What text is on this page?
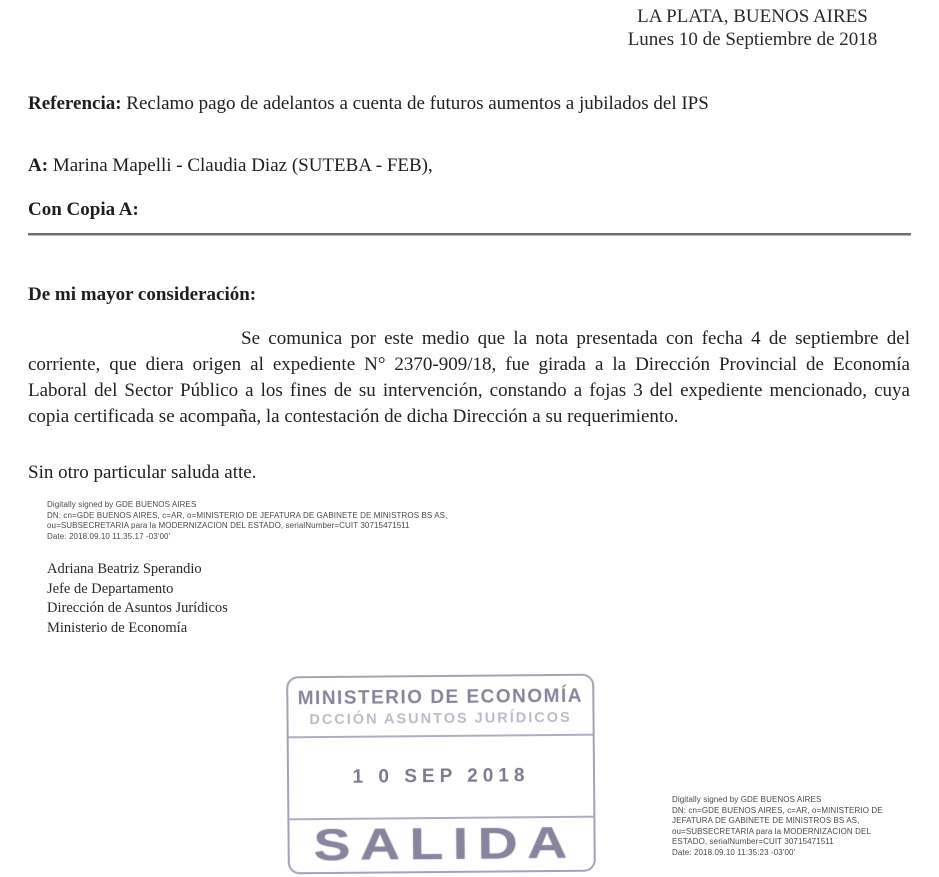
LA PLATA, BUENOS AIRES
Lunes 10 de Septiembre de 2018

Referencia: Reclamo pago de adelantos a cuenta de futuros aumentos a jubilados del IPS

A: Marina Mapelli - Claudia Diaz (SUTEBA - FEB),

Con Copia A:

De mi mayor consideración:

Se comunica por este medio que la nota presentada con fecha 4 de septiembre del corriente, que diera origen al expediente N° 2370-909/18, fue girada a la Dirección Provincial de Economía Laboral del Sector Público a los fines de su intervención, constando a fojas 3 del expediente mencionado, cuya copia certificada se acompaña, la contestación de dicha Dirección a su requerimiento.

Sin otro particular saluda atte.

Digitally signed by GDE BUENOS AIRES
DN: cn=GDE BUENOS AIRES, c=AR, o=MINISTERIO DE JEFATURA DE GABINETE DE MINISTROS BS AS,
ou=SUBSECRETARIA para la MODERNIZACION DEL ESTADO, serialNumber=CUIT 30715471511
Date: 2018.09.10 11.35.17 -03'00'
Adriana Beatriz Sperandio
Jefe de Departamento
Dirección de Asuntos Jurídicos
Ministerio de Economía
MINISTERIO DE ECONOMÍA
DCCIÓN ASUNTOS JURÍDICOS
1 0 SEP 2018
SALIDA
Digitally signed by GDE BUENOS AIRES
DN: cn=GDE BUENOS AIRES, c=AR, o=MINISTERIO DE
JEFATURA DE GABINETE DE MINISTROS BS AS,
ou=SUBSECRETARIA para la MODERNIZACION DEL
ESTADO, serialNumber=CUIT 30715471511
Date: 2018.09.10 11:35:23 -03'00'
